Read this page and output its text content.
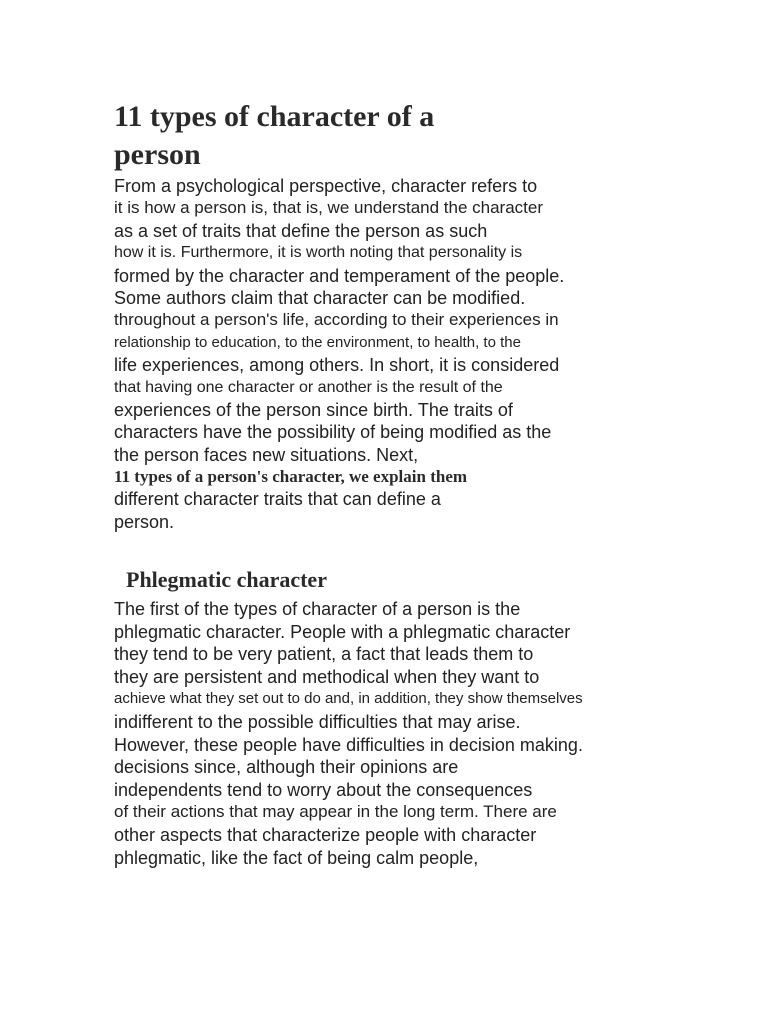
11 types of character of a
person
From a psychological perspective, character refers to
it is how a person is, that is, we understand the character
as a set of traits that define the person as such
how it is. Furthermore, it is worth noting that personality is
formed by the character and temperament of the people.
Some authors claim that character can be modified.
throughout a person's life, according to their experiences in
relationship to education, to the environment, to health, to the
life experiences, among others. In short, it is considered
that having one character or another is the result of the
experiences of the person since birth. The traits of
characters have the possibility of being modified as the
the person faces new situations. Next,
11 types of a person's character, we explain them
different character traits that can define a
person.
Phlegmatic character
The first of the types of character of a person is the
phlegmatic character. People with a phlegmatic character
they tend to be very patient, a fact that leads them to
they are persistent and methodical when they want to
achieve what they set out to do and, in addition, they show themselves
indifferent to the possible difficulties that may arise.
However, these people have difficulties in decision making.
decisions since, although their opinions are
independents tend to worry about the consequences
of their actions that may appear in the long term. There are
other aspects that characterize people with character
phlegmatic, like the fact of being calm people,
